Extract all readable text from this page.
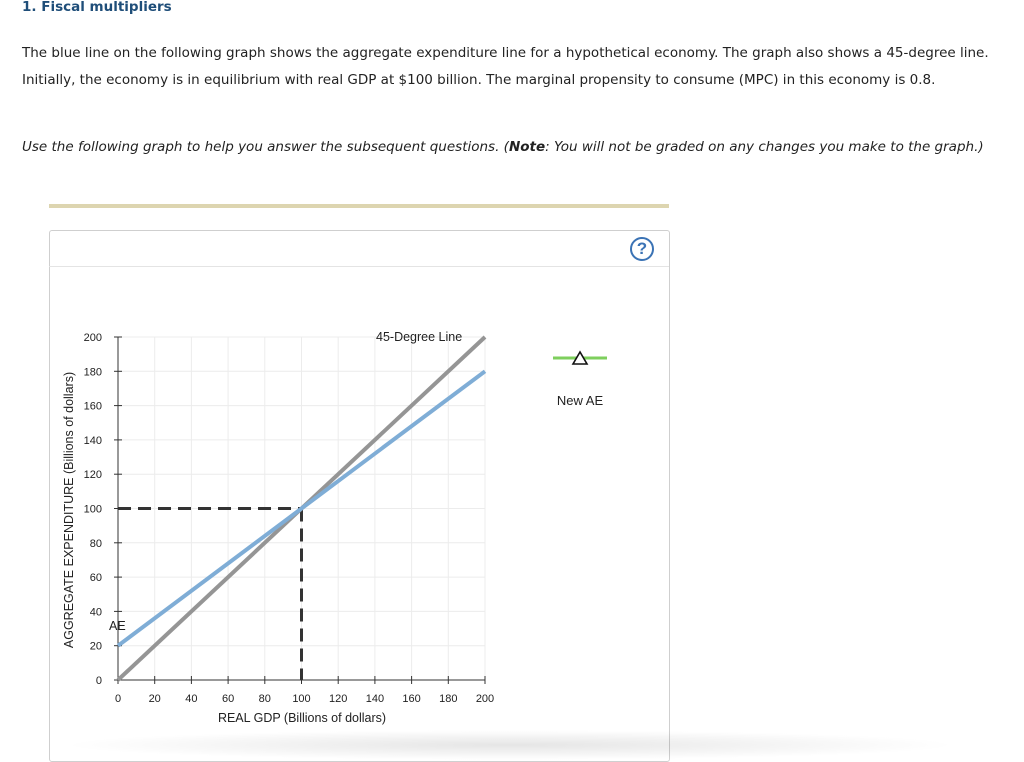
1. Fiscal multipliers
The blue line on the following graph shows the aggregate expenditure line for a hypothetical economy. The graph also shows a 45-degree line.
Initially, the economy is in equilibrium with real GDP at $100 billion. The marginal propensity to consume (MPC) in this economy is 0.8.
Use the following graph to help you answer the subsequent questions. (Note: You will not be graded on any changes you make to the graph.)
?
0	20 40 60 80 100 120 140 160 180 200
0
20
40
60
80
100
120
140
160
180
200
AE
45-Degree Line
REAL GDP (Billions of dollars)
AGGREGATE EXPENDITURE (Billions of dollars)	New AE
